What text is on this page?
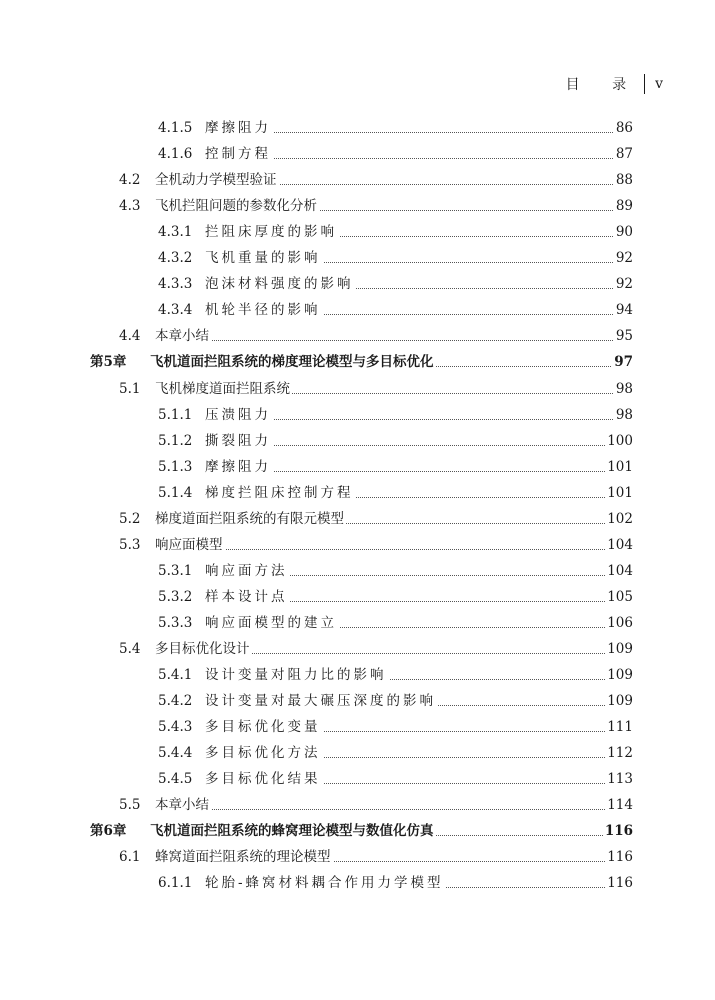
目 录 v
4.1.5 摩擦阻力	86
4.1.6 控制方程	87
4.2 全机动力学模型验证	88
4.3 飞机拦阻问题的参数化分析	89
4.3.1 拦阻床厚度的影响	90
4.3.2 飞机重量的影响	92
4.3.3 泡沫材料强度的影响	92
4.3.4 机轮半径的影响	94
4.4 本章小结	95
第5章 飞机道面拦阻系统的梯度理论模型与多目标优化	97
5.1 飞机梯度道面拦阻系统	98
5.1.1 压溃阻力	98
5.1.2 撕裂阻力	100
5.1.3 摩擦阻力	101
5.1.4 梯度拦阻床控制方程	101
5.2 梯度道面拦阻系统的有限元模型	102
5.3 响应面模型	104
5.3.1 响应面方法	104
5.3.2 样本设计点	105
5.3.3 响应面模型的建立	106
5.4 多目标优化设计	109
5.4.1 设计变量对阻力比的影响	109
5.4.2 设计变量对最大碾压深度的影响	109
5.4.3 多目标优化变量	111
5.4.4 多目标优化方法	112
5.4.5 多目标优化结果	113
5.5 本章小结	114
第6章 飞机道面拦阻系统的蜂窝理论模型与数值化仿真	116
6.1 蜂窝道面拦阻系统的理论模型	116
6.1.1 轮胎-蜂窝材料耦合作用力学模型	116
